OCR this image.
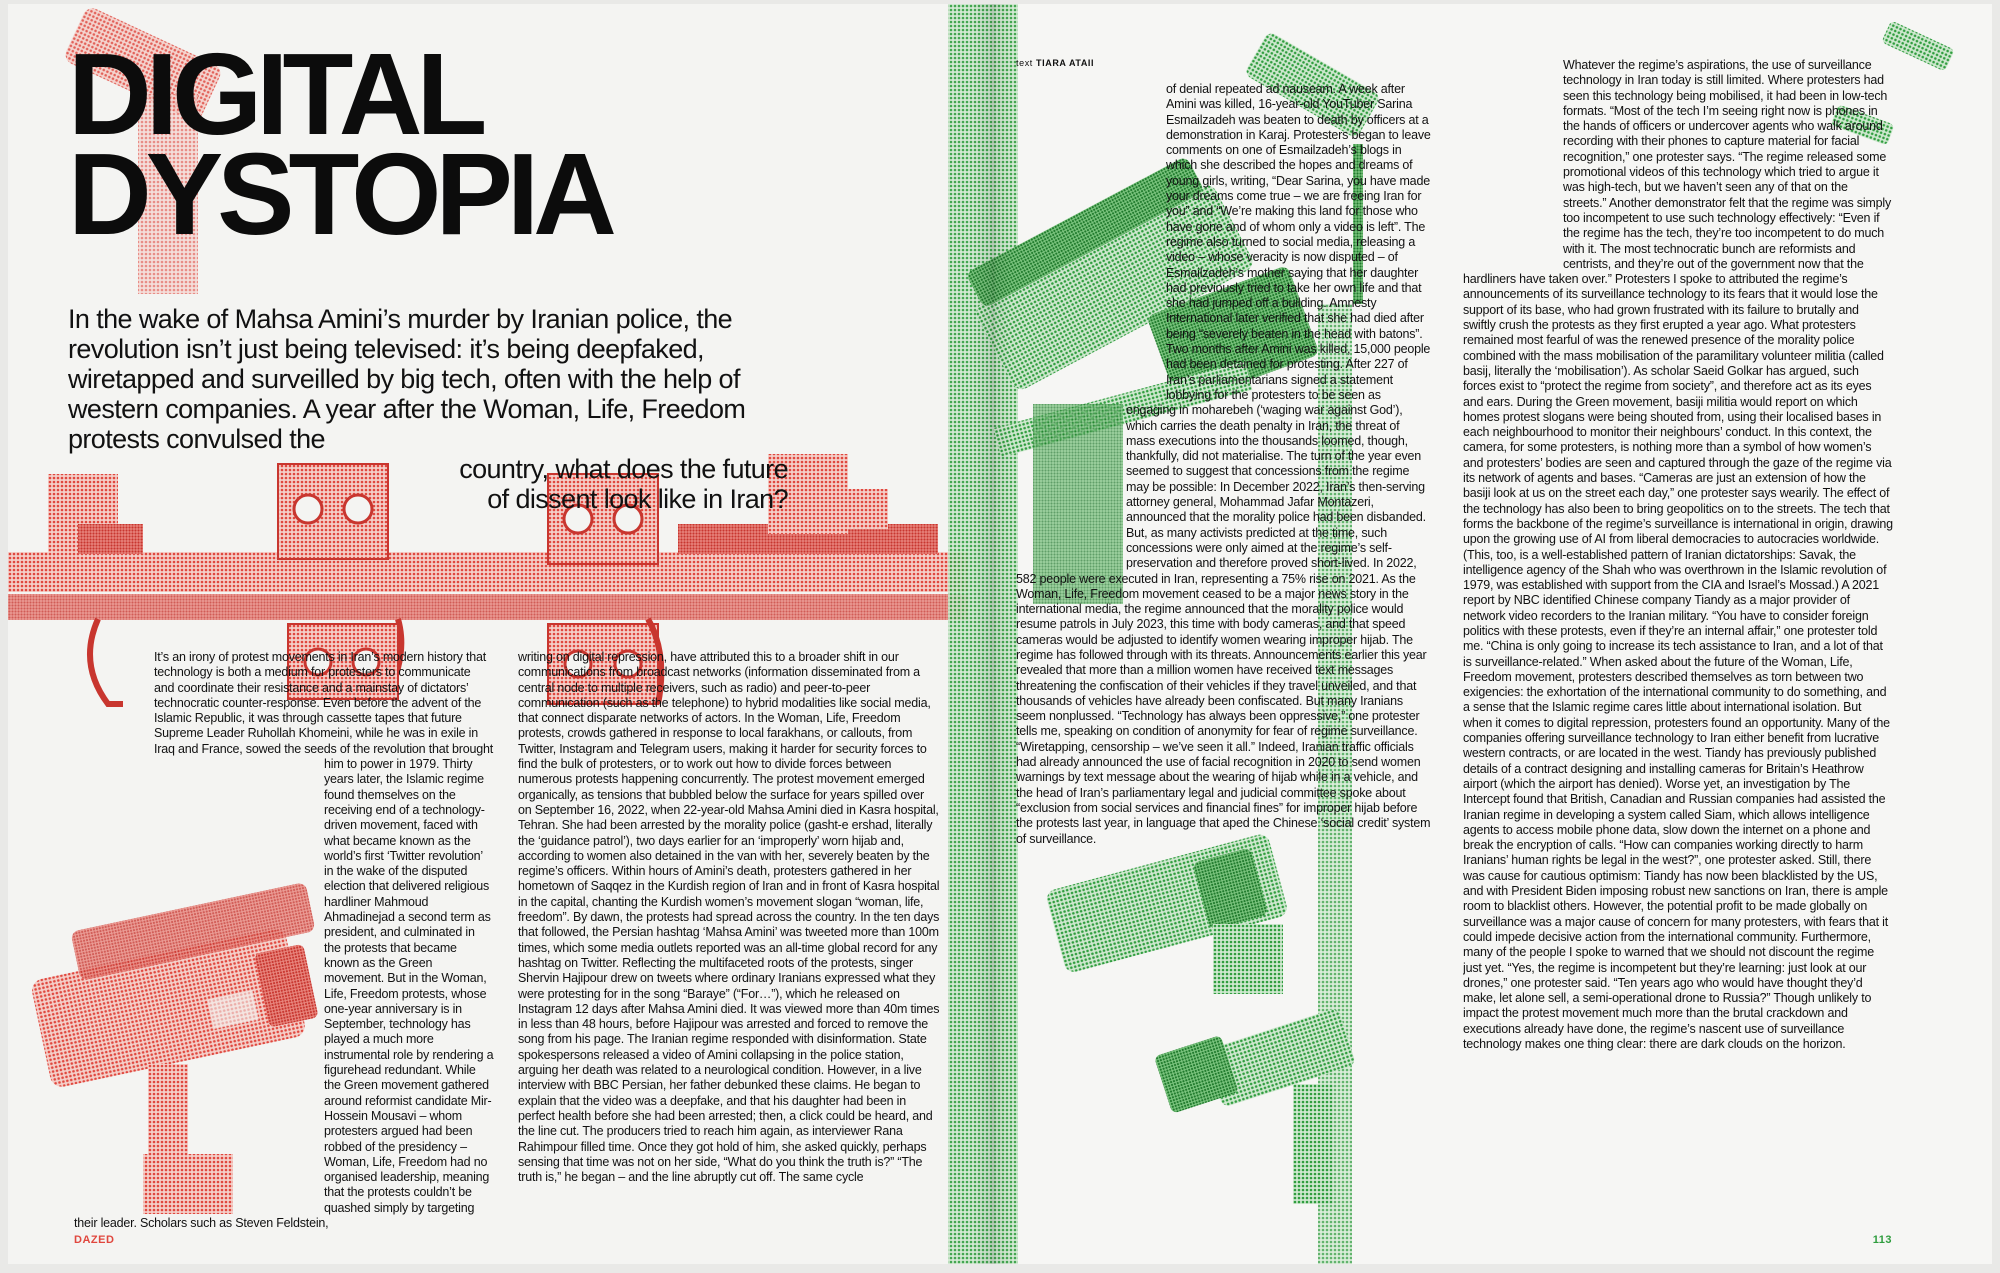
DIGITAL
DYSTOPIA

In the wake of Mahsa Amini’s murder by Iranian police, the revolution isn’t just being televised: it’s being deepfaked, wiretapped and surveilled by big tech, often with the help of western companies. A year after the Woman, Life, Freedom protests convulsed the
country, what does the future
of dissent look like in Iran?

It’s an irony of protest movements in Iran’s modern history that technology is both a medium for protesters to communicate and coordinate their resistance and a mainstay of dictators’ technocratic counter-response. Even before the advent of the Islamic Republic, it was through cassette tapes that future Supreme Leader Ruhollah Khomeini, while he was in exile in Iraq and France, sowed the seeds of the revolution that brought him to power in 1979. Thirty years later, the Islamic regime found themselves on the receiving end of a technology-driven movement, faced with what became known as the world’s first ‘Twitter revolution’ in the wake of the disputed election that delivered religious hardliner Mahmoud Ahmadinejad a second term as president, and culminated in the protests that became known as the Green movement. But in the Woman, Life, Freedom protests, whose one-year anniversary is in September, technology has played a much more instrumental role by rendering a figurehead redundant. While the Green movement gathered around reformist candidate Mir-Hossein Mousavi – whom protesters argued had been robbed of the presidency – Woman, Life, Freedom had no organised leadership, meaning that the protests couldn’t be quashed simply by targeting their leader. Scholars such as Steven Feldstein,

writing on digital repression, have attributed this to a broader shift in our communications from broadcast networks (information disseminated from a central node to multiple receivers, such as radio) and peer-to-peer communication (such as the telephone) to hybrid modalities like social media, that connect disparate networks of actors. In the Woman, Life, Freedom protests, crowds gathered in response to local farakhans, or callouts, from Twitter, Instagram and Telegram users, making it harder for security forces to find the bulk of protesters, or to work out how to divide forces between numerous protests happening concurrently. The protest movement emerged organically, as tensions that bubbled below the surface for years spilled over on September 16, 2022, when 22-year-old Mahsa Amini died in Kasra hospital, Tehran. She had been arrested by the morality police (gasht-e ershad, literally the ‘guidance patrol’), two days earlier for an ‘improperly’ worn hijab and, according to women also detained in the van with her, severely beaten by the regime’s officers. Within hours of Amini’s death, protesters gathered in her hometown of Saqqez in the Kurdish region of Iran and in front of Kasra hospital in the capital, chanting the Kurdish women’s movement slogan “woman, life, freedom”. By dawn, the protests had spread across the country. In the ten days that followed, the Persian hashtag ‘Mahsa Amini’ was tweeted more than 100m times, which some media outlets reported was an all-time global record for any hashtag on Twitter. Reflecting the multifaceted roots of the protests, singer Shervin Hajipour drew on tweets where ordinary Iranians expressed what they were protesting for in the song “Baraye” (“For…”), which he released on Instagram 12 days after Mahsa Amini died. It was viewed more than 40m times in less than 48 hours, before Hajipour was arrested and forced to remove the song from his page. The Iranian regime responded with disinformation. State spokespersons released a video of Amini collapsing in the police station, arguing her death was related to a neurological condition. However, in a live interview with BBC Persian, her father debunked these claims. He began to explain that the video was a deepfake, and that his daughter had been in perfect health before she had been arrested; then, a click could be heard, and the line cut. The producers tried to reach him again, as interviewer Rana Rahimpour filled time. Once they got hold of him, she asked quickly, perhaps sensing that time was not on her side, “What do you think the truth is?” “The truth is,” he began – and the line abruptly cut off. The same cycle

DAZED
text TIARA ATAII

of denial repeated ad nauseam. A week after Amini was killed, 16-year-old YouTuber Sarina Esmailzadeh was beaten to death by officers at a demonstration in Karaj. Protesters began to leave comments on one of Esmailzadeh’s blogs in which she described the hopes and dreams of young girls, writing, “Dear Sarina, you have made your dreams come true – we are freeing Iran for you” and “We’re making this land for those who have gone and of whom only a video is left”. The regime also turned to social media, releasing a video – whose veracity is now disputed – of Esmailzadeh’s mother saying that her daughter had previously tried to take her own life and that she had jumped off a building. Amnesty International later verified that she had died after being “severely beaten in the head with batons”. Two months after Amini was killed, 15,000 people had been detained for protesting. After 227 of Iran’s parliamentarians signed a statement lobbying for the protesters to be seen as engaging in moharebeh (‘waging war against God’), which carries the death penalty in Iran, the threat of mass executions into the thousands loomed, though, thankfully, did not materialise. The turn of the year even seemed to suggest that concessions from the regime may be possible: In December 2022, Iran’s then-serving attorney general, Mohammad Jafar Montazeri, announced that the morality police had been disbanded. But, as many activists predicted at the time, such concessions were only aimed at the regime’s self-preservation and therefore proved short-lived. In 2022, 582 people were executed in Iran, representing a 75% rise on 2021. As the Woman, Life, Freedom movement ceased to be a major news story in the international media, the regime announced that the morality police would resume patrols in July 2023, this time with body cameras, and that speed cameras would be adjusted to identify women wearing improper hijab. The regime has followed through with its threats. Announcements earlier this year revealed that more than a million women have received text messages threatening the confiscation of their vehicles if they travel unveiled, and that thousands of vehicles have already been confiscated. But many Iranians seem nonplussed. “Technology has always been oppressive,” one protester tells me, speaking on condition of anonymity for fear of regime surveillance. “Wiretapping, censorship – we’ve seen it all.” Indeed, Iranian traffic officials had already announced the use of facial recognition in 2020 to send women warnings by text message about the wearing of hijab while in a vehicle, and the head of Iran’s parliamentary legal and judicial committee spoke about “exclusion from social services and financial fines” for improper hijab before the protests last year, in language that aped the Chinese ‘social credit’ system of surveillance.

Whatever the regime’s aspirations, the use of surveillance technology in Iran today is still limited. Where protesters had seen this technology being mobilised, it had been in low-tech formats. “Most of the tech I’m seeing right now is phones in the hands of officers or undercover agents who walk around recording with their phones to capture material for facial recognition,” one protester says. “The regime released some promotional videos of this technology which tried to argue it was high-tech, but we haven’t seen any of that on the streets.” Another demonstrator felt that the regime was simply too incompetent to use such technology effectively: “Even if the regime has the tech, they’re too incompetent to do much with it. The most technocratic bunch are reformists and centrists, and they’re out of the government now that the hardliners have taken over.” Protesters I spoke to attributed the regime’s announcements of its surveillance technology to its fears that it would lose the support of its base, who had grown frustrated with its failure to brutally and swiftly crush the protests as they first erupted a year ago. What protesters remained most fearful of was the renewed presence of the morality police combined with the mass mobilisation of the paramilitary volunteer militia (called basij, literally the ‘mobilisation’). As scholar Saeid Golkar has argued, such forces exist to “protect the regime from society”, and therefore act as its eyes and ears. During the Green movement, basiji militia would report on which homes protest slogans were being shouted from, using their localised bases in each neighbourhood to monitor their neighbours’ conduct. In this context, the camera, for some protesters, is nothing more than a symbol of how women’s and protesters’ bodies are seen and captured through the gaze of the regime via its network of agents and bases. “Cameras are just an extension of how the basiji look at us on the street each day,” one protester says wearily. The effect of the technology has also been to bring geopolitics on to the streets. The tech that forms the backbone of the regime’s surveillance is international in origin, drawing upon the growing use of AI from liberal democracies to autocracies worldwide. (This, too, is a well-established pattern of Iranian dictatorships: Savak, the intelligence agency of the Shah who was overthrown in the Islamic revolution of 1979, was established with support from the CIA and Israel’s Mossad.) A 2021 report by NBC identified Chinese company Tiandy as a major provider of network video recorders to the Iranian military. “You have to consider foreign politics with these protests, even if they’re an internal affair,” one protester told me. “China is only going to increase its tech assistance to Iran, and a lot of that is surveillance-related.” When asked about the future of the Woman, Life, Freedom movement, protesters described themselves as torn between two exigencies: the exhortation of the international community to do something, and a sense that the Islamic regime cares little about international isolation. But when it comes to digital repression, protesters found an opportunity. Many of the companies offering surveillance technology to Iran either benefit from lucrative western contracts, or are located in the west. Tiandy has previously published details of a contract designing and installing cameras for Britain’s Heathrow airport (which the airport has denied). Worse yet, an investigation by The Intercept found that British, Canadian and Russian companies had assisted the Iranian regime in developing a system called Siam, which allows intelligence agents to access mobile phone data, slow down the internet on a phone and break the encryption of calls. “How can companies working directly to harm Iranians’ human rights be legal in the west?”, one protester asked. Still, there was cause for cautious optimism: Tiandy has now been blacklisted by the US, and with President Biden imposing robust new sanctions on Iran, there is ample room to blacklist others. However, the potential profit to be made globally on surveillance was a major cause of concern for many protesters, with fears that it could impede decisive action from the international community. Furthermore, many of the people I spoke to warned that we should not discount the regime just yet. “Yes, the regime is incompetent but they’re learning: just look at our drones,” one protester said. “Ten years ago who would have thought they’d make, let alone sell, a semi-operational drone to Russia?” Though unlikely to impact the protest movement much more than the brutal crackdown and executions already have done, the regime’s nascent use of surveillance technology makes one thing clear: there are dark clouds on the horizon.

113
